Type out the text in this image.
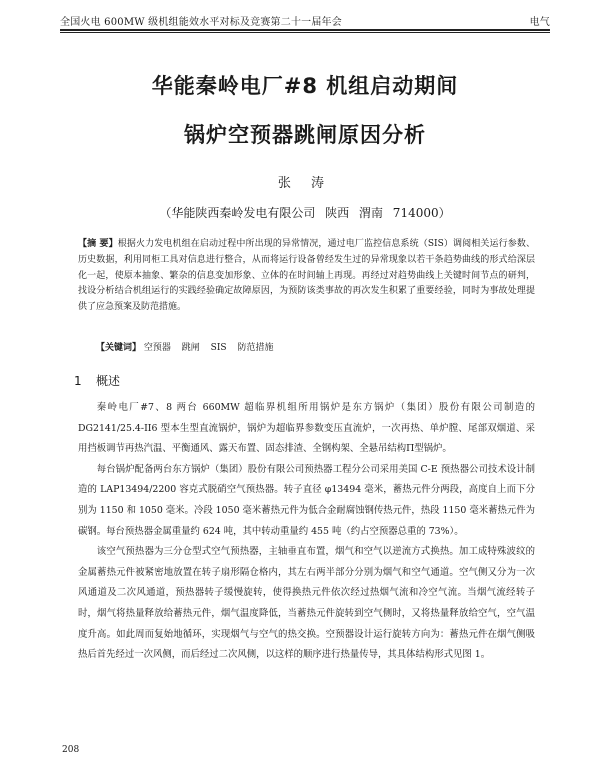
全国火电 600MW 级机组能效水平对标及竞赛第二十一届年会	电气
华能秦岭电厂#8 机组启动期间
锅炉空预器跳闸原因分析
张 涛
（华能陕西秦岭发电有限公司 陕西 渭南 714000）
【摘 要】根据火力发电机组在启动过程中所出现的异常情况，通过电厂监控信息系统（SIS）调阅相关运行参数、历史数据，利用同柜工具对信息进行整合，从而将运行设备曾经发生过的异常现象以若干条趋势曲线的形式给深层化一起，使原本抽象、繁杂的信息变加形象、立体的在时间轴上再现。再经过对趋势曲线上关键时间节点的研判，找设分析结合机组运行的实践经验确定故障原因，为预防该类事故的再次发生积累了重要经验，同时为事故处理提供了应急预案及防范措施。
【关键词】 空预器 跳闸 SIS 防范措施
1 概述

秦岭电厂#7、8 两台 660MW 超临界机组所用锅炉是东方锅炉（集团）股份有限公司制造的 DG2141/25.4-II6 型本生型直流锅炉，锅炉为超临界参数变压直流炉，一次再热、单炉膛、尾部双烟道、采用挡板调节再热汽温、平衡通风、露天布置、固态排渣、全钢构架、全悬吊结构Π型锅炉。

每台锅炉配备两台东方锅炉（集团）股份有限公司预热器工程分公司采用美国 C-E 预热器公司技术设计制造的 LAP13494/2200 容克式脱硝空气预热器。转子直径 φ13494 毫米，蓄热元件分两段，高度自上而下分别为 1150 和 1050 毫米。冷段 1050 毫米蓄热元件为低合金耐腐蚀钢传热元件，热段 1150 毫米蓄热元件为碳钢。每台预热器金属重量约 624 吨，其中转动重量约 455 吨（约占空预器总重的 73%）。

该空气预热器为三分仓型式空气预热器，主轴垂直布置，烟气和空气以逆流方式换热。加工成特殊波纹的金属蓄热元件被紧密地放置在转子扇形隔仓格内，其左右两半部分分别为烟气和空气通道。空气侧又分为一次风通道及二次风通道，预热器转子缓慢旋转，使得换热元件依次经过热烟气流和冷空气流。当烟气流经转子时，烟气将热量释放给蓄热元件，烟气温度降低，当蓄热元件旋转到空气侧时，又将热量释放给空气，空气温度升高。如此周而复始地循环，实现烟气与空气的热交换。空预器设计运行旋转方向为：蓄热元件在烟气侧吸热后首先经过一次风侧，而后经过二次风侧，以这样的顺序进行热量传导，其具体结构形式见图 1。

208
